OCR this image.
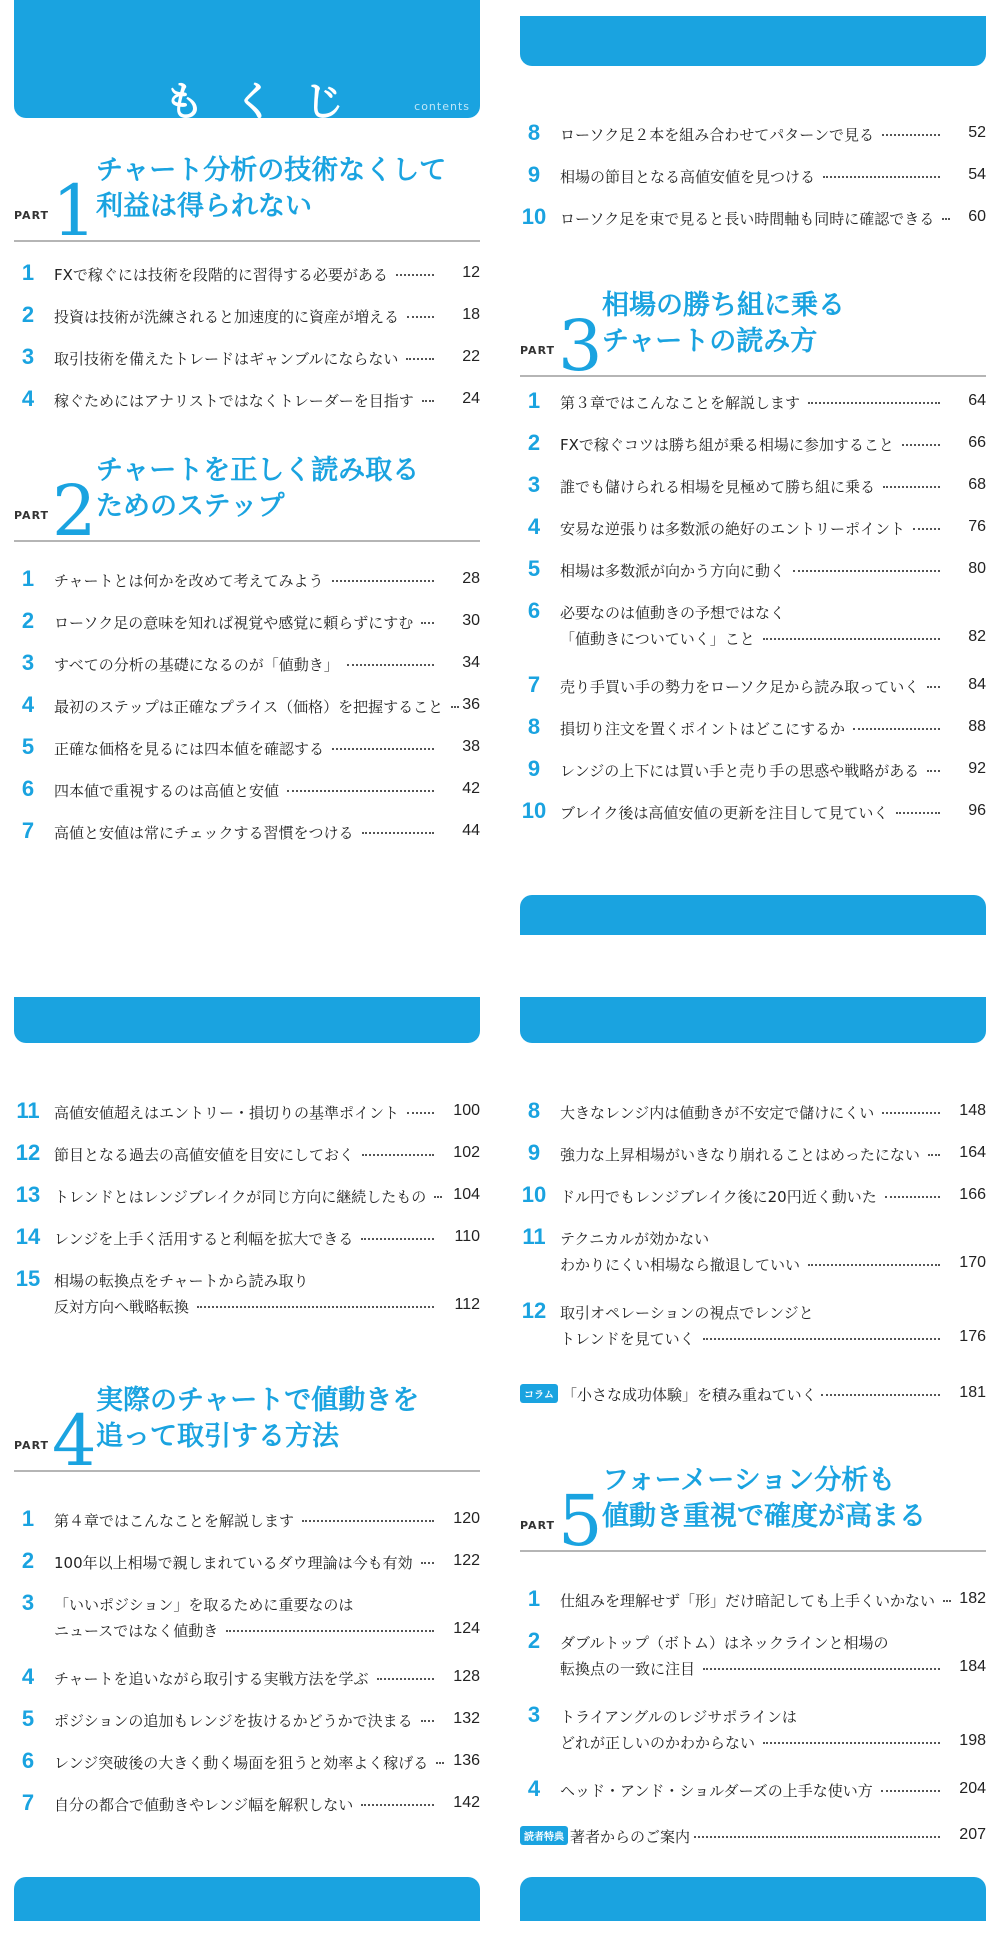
もくじ	contents
PART 1 チャート分析の技術なくして
利益は得られない
PART 2 チャートを正しく読み取る
ためのステップ
PART 3 相場の勝ち組に乗る
チャートの読み方
PART 4 実際のチャートで値動きを
追って取引する方法
PART 5 フォーメーション分析も
値動き重視で確度が高まる
1	FXで稼ぐには技術を段階的に習得する必要がある	12
2	投資は技術が洗練されると加速度的に資産が増える	18
3	取引技術を備えたトレードはギャンブルにならない	22
4	稼ぐためにはアナリストではなくトレーダーを目指す	24
1	チャートとは何かを改めて考えてみよう	28
2	ローソク足の意味を知れば視覚や感覚に頼らずにすむ	30
3	すべての分析の基礎になるのが「値動き」	34
4	最初のステップは正確なプライス（価格）を把握すること 36
5	正確な価格を見るには四本値を確認する	38
6	四本値で重視するのは高値と安値	42
7	高値と安値は常にチェックする習慣をつける	44
8	ローソク足２本を組み合わせてパターンで見る	52
9	相場の節目となる高値安値を見つける	54
10 ローソク足を束で見ると長い時間軸も同時に確認できる 60
1	第３章ではこんなことを解説します	64
2	FXで稼ぐコツは勝ち組が乗る相場に参加すること	66
3	誰でも儲けられる相場を見極めて勝ち組に乗る	68
4	安易な逆張りは多数派の絶好のエントリーポイント	76
5	相場は多数派が向かう方向に動く	80
6	必要なのは値動きの予想ではなく
「値動きについていく」こと	82
7	売り手買い手の勢力をローソク足から読み取っていく	84
8	損切り注文を置くポイントはどこにするか	88
9	レンジの上下には買い手と売り手の思惑や戦略がある	92
10 ブレイク後は高値安値の更新を注目して見ていく	96
11 高値安値超えはエントリー・損切りの基準ポイント	100
12 節目となる過去の高値安値を目安にしておく	102
13 トレンドとはレンジブレイクが同じ方向に継続したもの 104
14 レンジを上手く活用すると利幅を拡大できる	110
15 相場の転換点をチャートから読み取り
反対方向へ戦略転換	112
1	第４章ではこんなことを解説します	120
2	100年以上相場で親しまれているダウ理論は今も有効	122
3	「いいポジション」を取るために重要なのは
ニュースではなく値動き	124
4	チャートを追いながら取引する実戦方法を学ぶ	128
5	ポジションの追加もレンジを抜けるかどうかで決まる	132
6	レンジ突破後の大きく動く場面を狙うと効率よく稼げる 136
7	自分の都合で値動きやレンジ幅を解釈しない	142
8	大きなレンジ内は値動きが不安定で儲けにくい	148
9	強力な上昇相場がいきなり崩れることはめったにない 164
10 ドル円でもレンジブレイク後に20円近く動いた	166
11 テクニカルが効かない
わかりにくい相場なら撤退していい	170
12 取引オペレーションの視点でレンジと
トレンドを見ていく	176
1	仕組みを理解せず「形」だけ暗記しても上手くいかない 182
2	ダブルトップ（ボトム）はネックラインと相場の
転換点の一致に注目	184
3	トライアングルのレジサポラインは
どれが正しいのかわからない	198
4	ヘッド・アンド・ショルダーズの上手な使い方	204
コラム 「小さな成功体験」を積み重ねていく	181
読者特典 著者からのご案内	207
